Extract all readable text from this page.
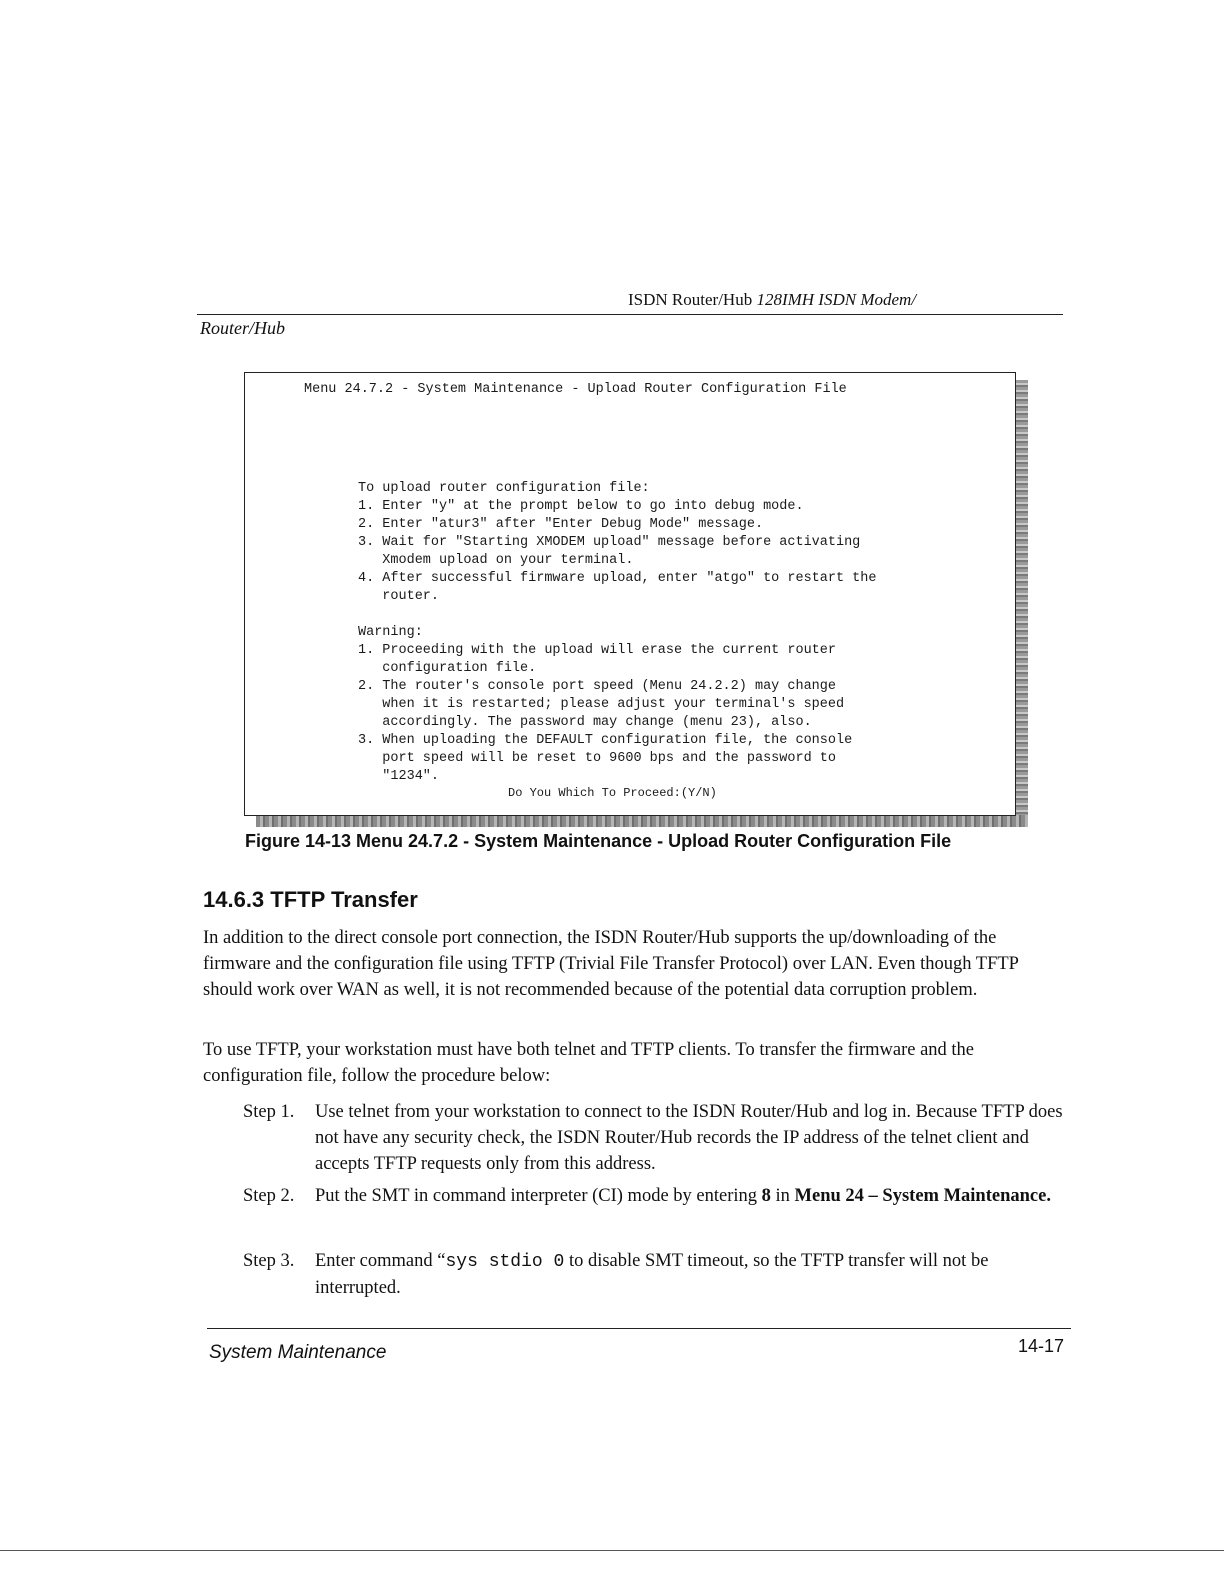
ISDN Router/Hub 128IMH ISDN Modem/
Router/Hub
Menu 24.7.2 - System Maintenance - Upload Router Configuration File
To upload router configuration file:
1. Enter "y" at the prompt below to go into debug mode.
2. Enter "atur3" after "Enter Debug Mode" message.
3. Wait for "Starting XMODEM upload" message before activating
Xmodem upload on your terminal.
4. After successful firmware upload, enter "atgo" to restart the
router.
Warning:
1. Proceeding with the upload will erase the current router
configuration file.
2. The router's console port speed (Menu 24.2.2) may change
when it is restarted; please adjust your terminal's speed
accordingly. The password may change (menu 23), also.
3. When uploading the DEFAULT configuration file, the console
port speed will be reset to 9600 bps and the password to
"1234".
Do You Which To Proceed:(Y/N)
Figure 14-13 Menu 24.7.2 - System Maintenance - Upload Router Configuration File
14.6.3 TFTP Transfer
In addition to the direct console port connection, the ISDN Router/Hub supports the up/downloading of the firmware and the configuration file using TFTP (Trivial File Transfer Protocol) over LAN. Even though TFTP should work over WAN as well, it is not recommended because of the potential data corruption problem.
To use TFTP, your workstation must have both telnet and TFTP clients. To transfer the firmware and the configuration file, follow the procedure below:
Step 1.	Use telnet from your workstation to connect to the ISDN Router/Hub and log in. Because TFTP does not have any security check, the ISDN Router/Hub records the IP address of the telnet client and accepts TFTP requests only from this address.
Step 2.	Put the SMT in command interpreter (CI) mode by entering 8 in Menu 24 – System Maintenance.
Step 3.	Enter command “sys stdio 0 to disable SMT timeout, so the TFTP transfer will not be interrupted.
System Maintenance	14-17
